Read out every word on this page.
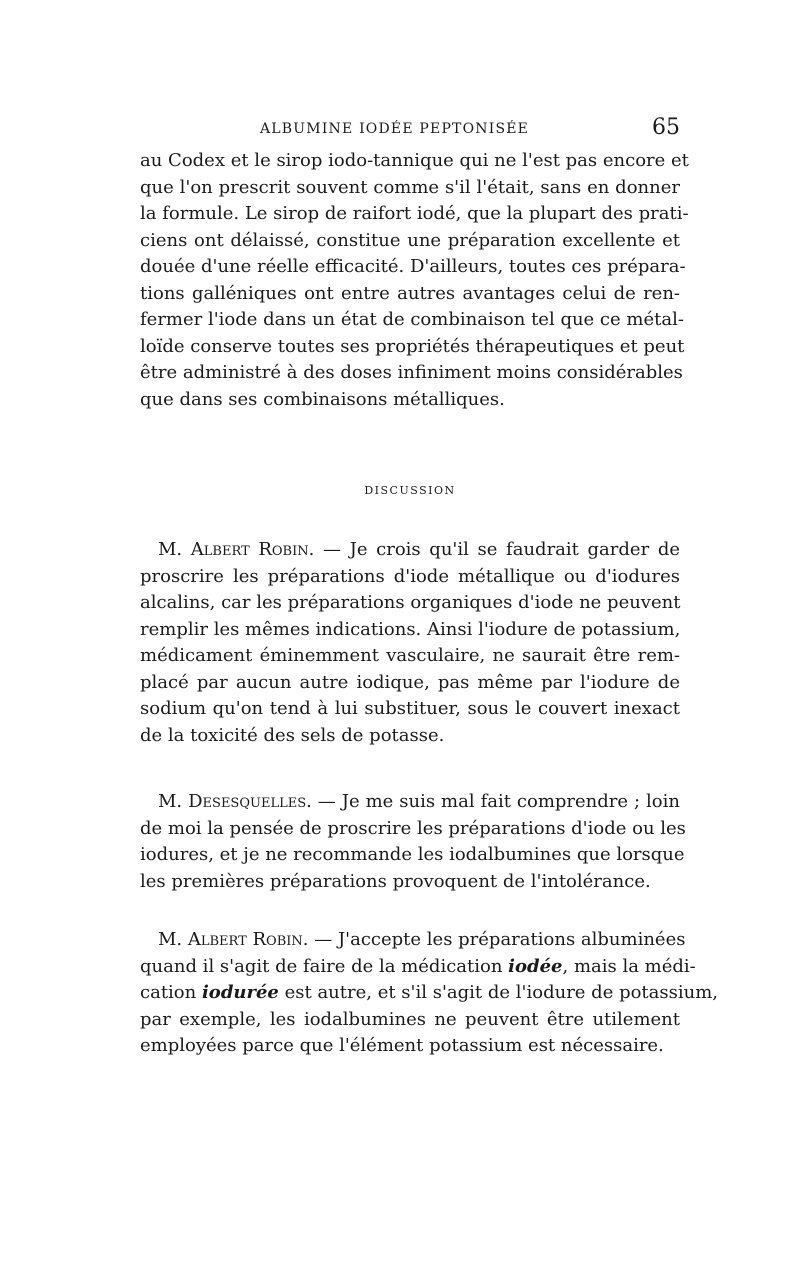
ALBUMINE IODÉE PEPTONISÉE	65
au Codex et le sirop iodo-tannique qui ne l'est pas encore et
que l'on prescrit souvent comme s'il l'était, sans en donner
la formule. Le sirop de raifort iodé, que la plupart des prati-
ciens ont délaissé, constitue une préparation excellente et
douée d'une réelle efficacité. D'ailleurs, toutes ces prépara-
tions galléniques ont entre autres avantages celui de ren-
fermer l'iode dans un état de combinaison tel que ce métal-
loïde conserve toutes ses propriétés thérapeutiques et peut
être administré à des doses infiniment moins considérables
que dans ses combinaisons métalliques.
DISCUSSION
 M. Albert Robin. — Je crois qu'il se faudrait garder de
proscrire les préparations d'iode métallique ou d'iodures
alcalins, car les préparations organiques d'iode ne peuvent
remplir les mêmes indications. Ainsi l'iodure de potassium,
médicament éminemment vasculaire, ne saurait être rem-
placé par aucun autre iodique, pas même par l'iodure de
sodium qu'on tend à lui substituer, sous le couvert inexact
de la toxicité des sels de potasse.
 M. Desesquelles. — Je me suis mal fait comprendre ; loin
de moi la pensée de proscrire les préparations d'iode ou les
iodures, et je ne recommande les iodalbumines que lorsque
les premières préparations provoquent de l'intolérance.
 M. Albert Robin. — J'accepte les préparations albuminées
quand il s'agit de faire de la médication iodée, mais la médi-
cation iodurée est autre, et s'il s'agit de l'iodure de potassium,
par exemple, les iodalbumines ne peuvent être utilement
employées parce que l'élément potassium est nécessaire.
